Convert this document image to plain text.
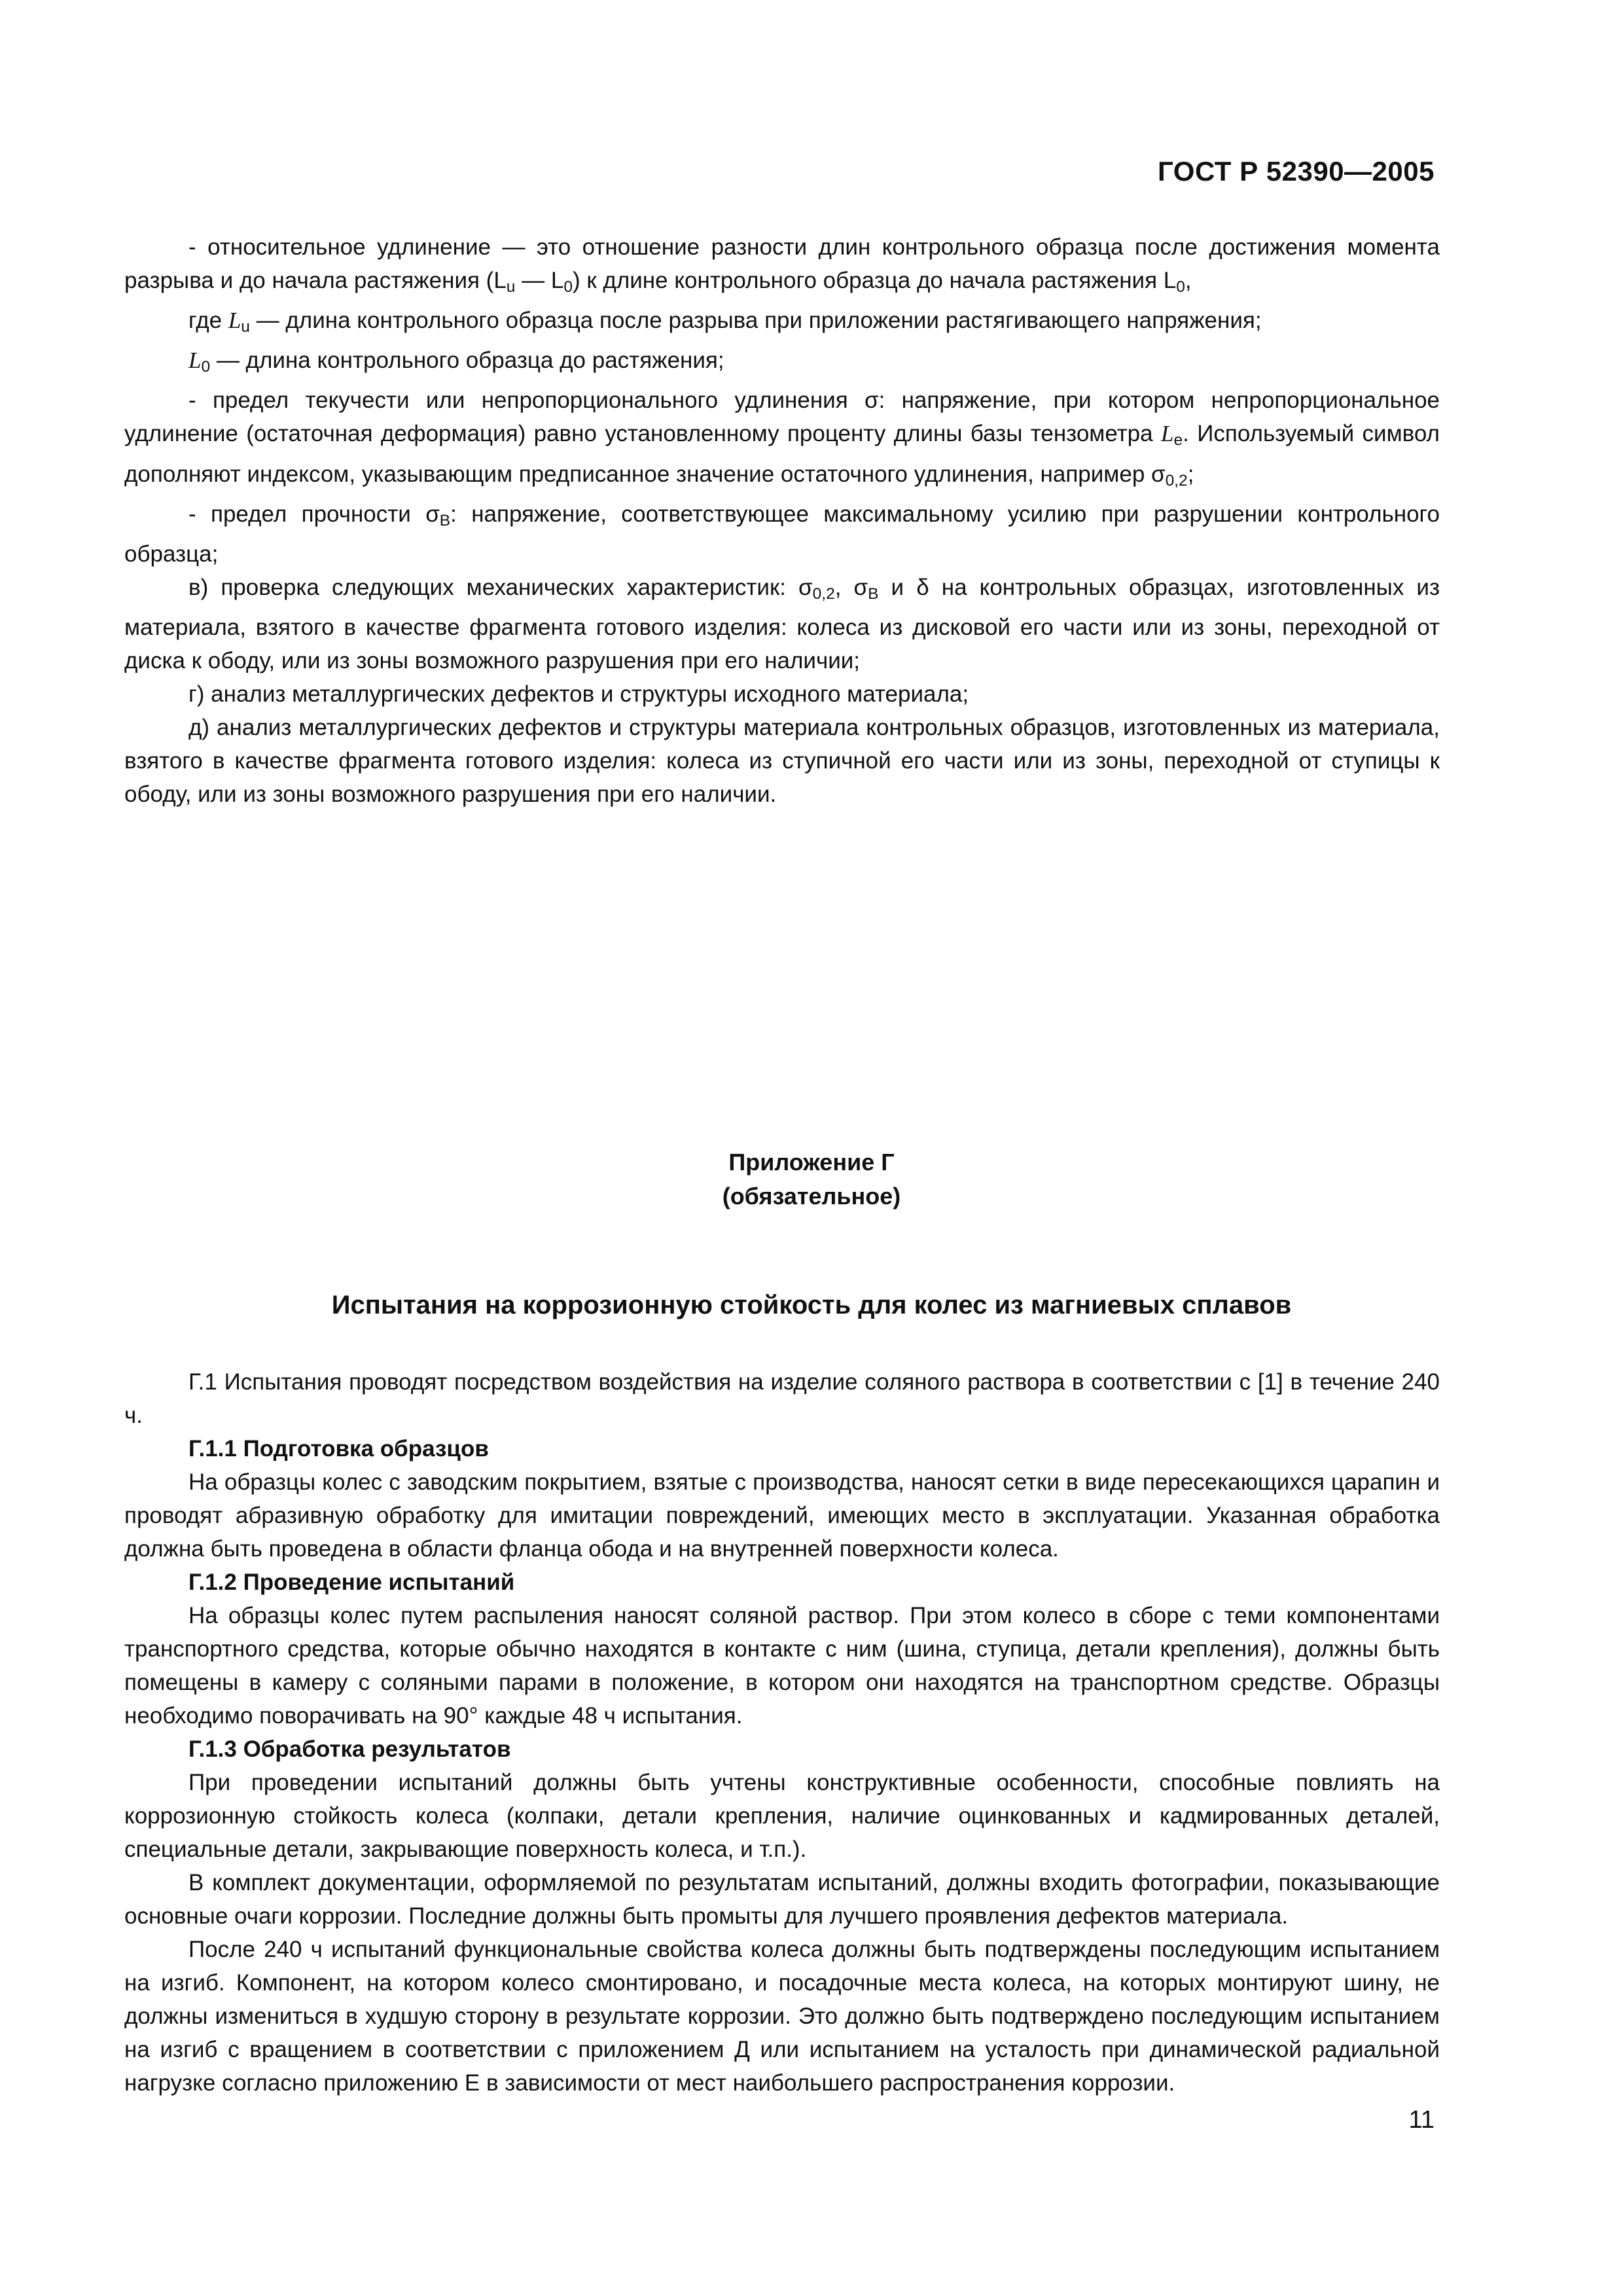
ГОСТ Р 52390—2005

- относительное удлинение — это отношение разности длин контрольного образца после достижения момента разрыва и до начала растяжения ($L_u$ — $L_0$) к длине контрольного образца до начала растяжения $L_0$,

где $L_u$ — длина контрольного образца после разрыва при приложении растягивающего напряжения;

$L_0$ — длина контрольного образца до растяжения;

- предел текучести или непропорционального удлинения σ: напряжение, при котором непропорциональное удлинение (остаточная деформация) равно установленному проценту длины базы тензометра $L_e$. Используемый символ дополняют индексом, указывающим предписанное значение остаточного удлинения, например $\sigma_{0,2}$;

- предел прочности $\sigma_B$: напряжение, соответствующее максимальному усилию при разрушении контрольного образца;

в) проверка следующих механических характеристик: $\sigma_{0,2}$, $\sigma_B$ и δ на контрольных образцах, изготовленных из материала, взятого в качестве фрагмента готового изделия: колеса из дисковой его части или из зоны, переходной от диска к ободу, или из зоны возможного разрушения при его наличии;

г) анализ металлургических дефектов и структуры исходного материала;

д) анализ металлургических дефектов и структуры материала контрольных образцов, изготовленных из материала, взятого в качестве фрагмента готового изделия: колеса из ступичной его части или из зоны, переходной от ступицы к ободу, или из зоны возможного разрушения при его наличии.

Приложение Г
(обязательное)
Испытания на коррозионную стойкость для колес из магниевых сплавов

Г.1 Испытания проводят посредством воздействия на изделие соляного раствора в соответствии с [1] в течение 240 ч.

Г.1.1 Подготовка образцов

На образцы колес с заводским покрытием, взятые с производства, наносят сетки в виде пересекающихся царапин и проводят абразивную обработку для имитации повреждений, имеющих место в эксплуатации. Указанная обработка должна быть проведена в области фланца обода и на внутренней поверхности колеса.

Г.1.2 Проведение испытаний

На образцы колес путем распыления наносят соляной раствор. При этом колесо в сборе с теми компонентами транспортного средства, которые обычно находятся в контакте с ним (шина, ступица, детали крепления), должны быть помещены в камеру с соляными парами в положение, в котором они находятся на транспортном средстве. Образцы необходимо поворачивать на 90° каждые 48 ч испытания.

Г.1.3 Обработка результатов

При проведении испытаний должны быть учтены конструктивные особенности, способные повлиять на коррозионную стойкость колеса (колпаки, детали крепления, наличие оцинкованных и кадмированных деталей, специальные детали, закрывающие поверхность колеса, и т.п.).

В комплект документации, оформляемой по результатам испытаний, должны входить фотографии, показывающие основные очаги коррозии. Последние должны быть промыты для лучшего проявления дефектов материала.

После 240 ч испытаний функциональные свойства колеса должны быть подтверждены последующим испытанием на изгиб. Компонент, на котором колесо смонтировано, и посадочные места колеса, на которых монтируют шину, не должны измениться в худшую сторону в результате коррозии. Это должно быть подтверждено последующим испытанием на изгиб с вращением в соответствии с приложением Д или испытанием на усталость при динамической радиальной нагрузке согласно приложению Е в зависимости от мест наибольшего распространения коррозии.

11
